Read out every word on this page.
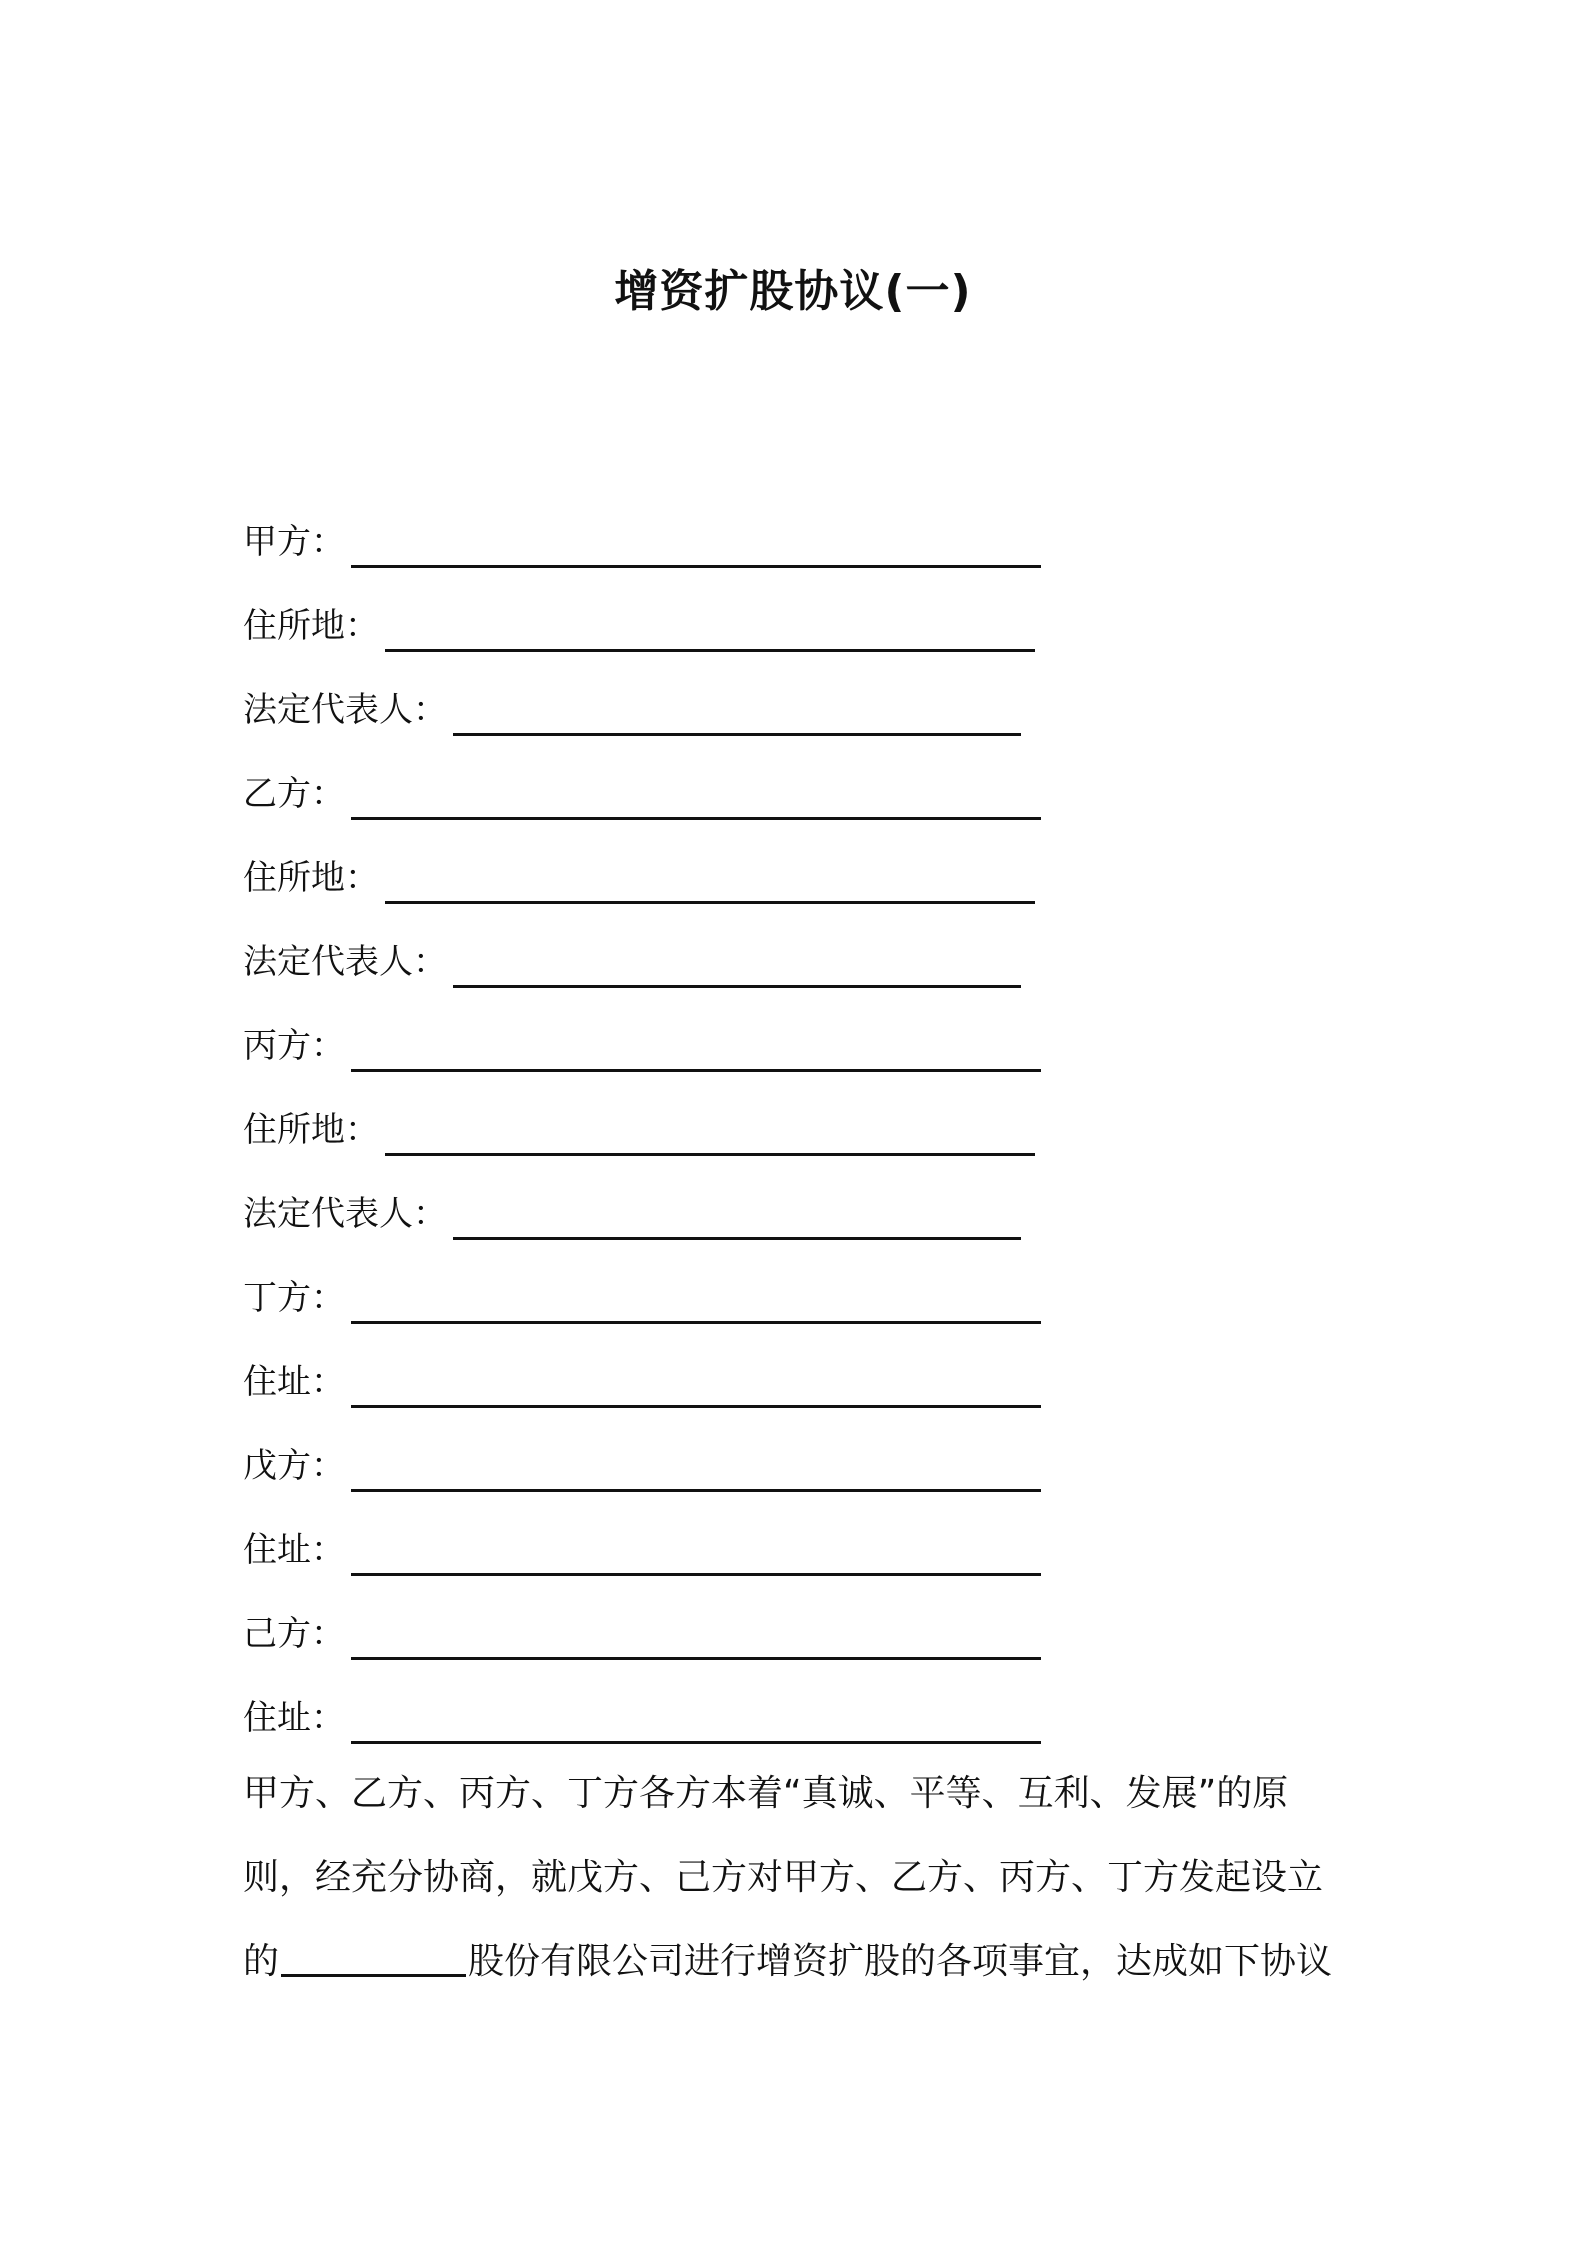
增资扩股协议(一)
甲方：
住所地：
法定代表人：
乙方：
住所地：
法定代表人：
丙方：
住所地：
法定代表人：
丁方：
住址：
戊方：
住址：
己方：
住址：
甲方、乙方、丙方、丁方各方本着“真诚、平等、互利、发展”的原
则，经充分协商，就戊方、己方对甲方、乙方、丙方、丁方发起设立
的	股份有限公司进行增资扩股的各项事宜，达成如下协议
